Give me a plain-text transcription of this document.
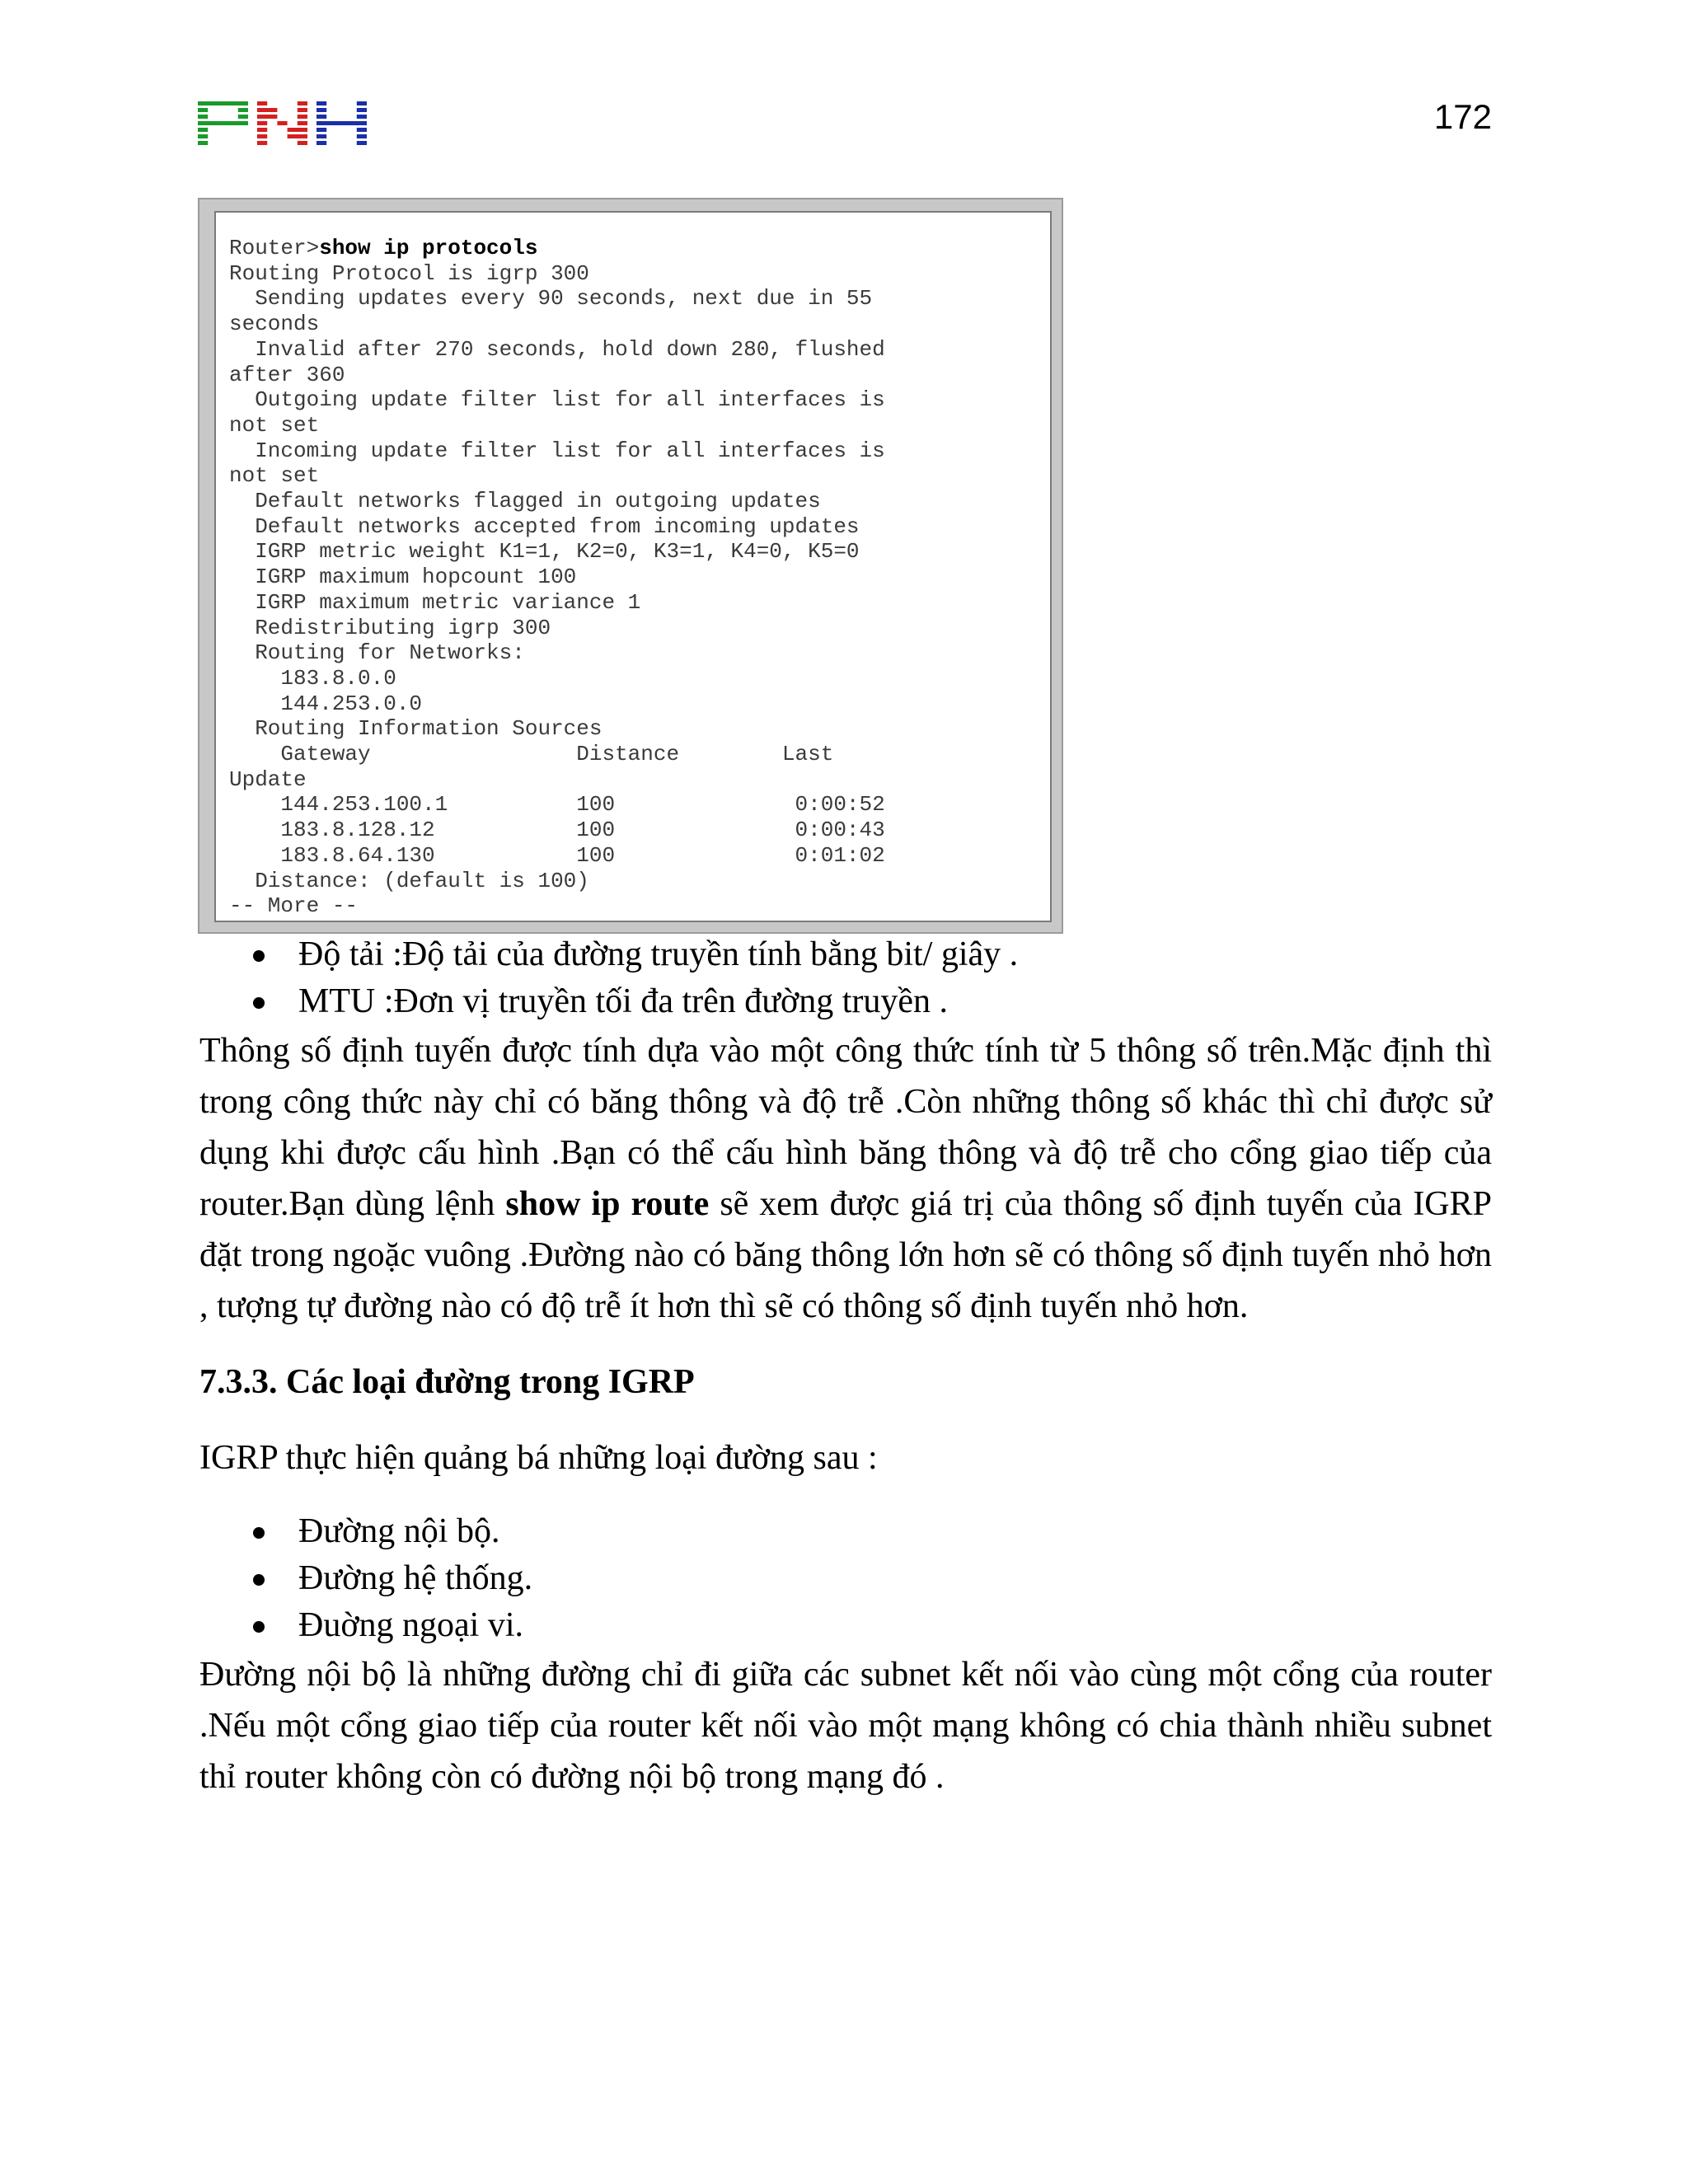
172
Router>show ip protocols
Routing Protocol is igrp 300
Sending updates every 90 seconds, next due in 55
seconds
Invalid after 270 seconds, hold down 280, flushed
after 360
Outgoing update filter list for all interfaces is
not set
Incoming update filter list for all interfaces is
not set
Default networks flagged in outgoing updates
Default networks accepted from incoming updates
IGRP metric weight K1=1, K2=0, K3=1, K4=0, K5=0
IGRP maximum hopcount 100
IGRP maximum metric variance 1
Redistributing igrp 300
Routing for Networks:
183.8.0.0
144.253.0.0
Routing Information Sources
Gateway                Distance        Last
Update
144.253.100.1          100              0:00:52
183.8.128.12           100              0:00:43
183.8.64.130           100              0:01:02
Distance: (default is 100)
-- More --
Độ tải :Độ tải của đường truyền tính bằng bit/ giây .
MTU :Đơn vị truyền tối đa trên đường truyền .

Thông số định tuyến được tính dựa vào một công thức tính từ 5 thông số trên.Mặc định thì trong công thức này chỉ có băng thông và độ trễ .Còn những thông số khác thì chỉ được sử dụng khi được cấu hình .Bạn có thể cấu hình băng thông và độ trễ cho cổng giao tiếp của router.Bạn dùng lệnh show ip route sẽ xem được giá trị của thông số định tuyến của IGRP đặt trong ngoặc vuông .Đường nào có băng thông lớn hơn sẽ có thông số định tuyến nhỏ hơn , tượng tự đường nào có độ trễ ít hơn thì sẽ có thông số định tuyến nhỏ hơn.

7.3.3. Các loại đường trong IGRP

IGRP thực hiện quảng bá những loại đường sau :

Đường nội bộ.
Đường hệ thống.
Đuờng ngoại vi.

Đường nội bộ là những đường chỉ đi giữa các subnet kết nối vào cùng một cổng của router .Nếu một cổng giao tiếp của router kết nối vào một mạng không có chia thành nhiều subnet thỉ router không còn có đường nội bộ trong mạng đó .
